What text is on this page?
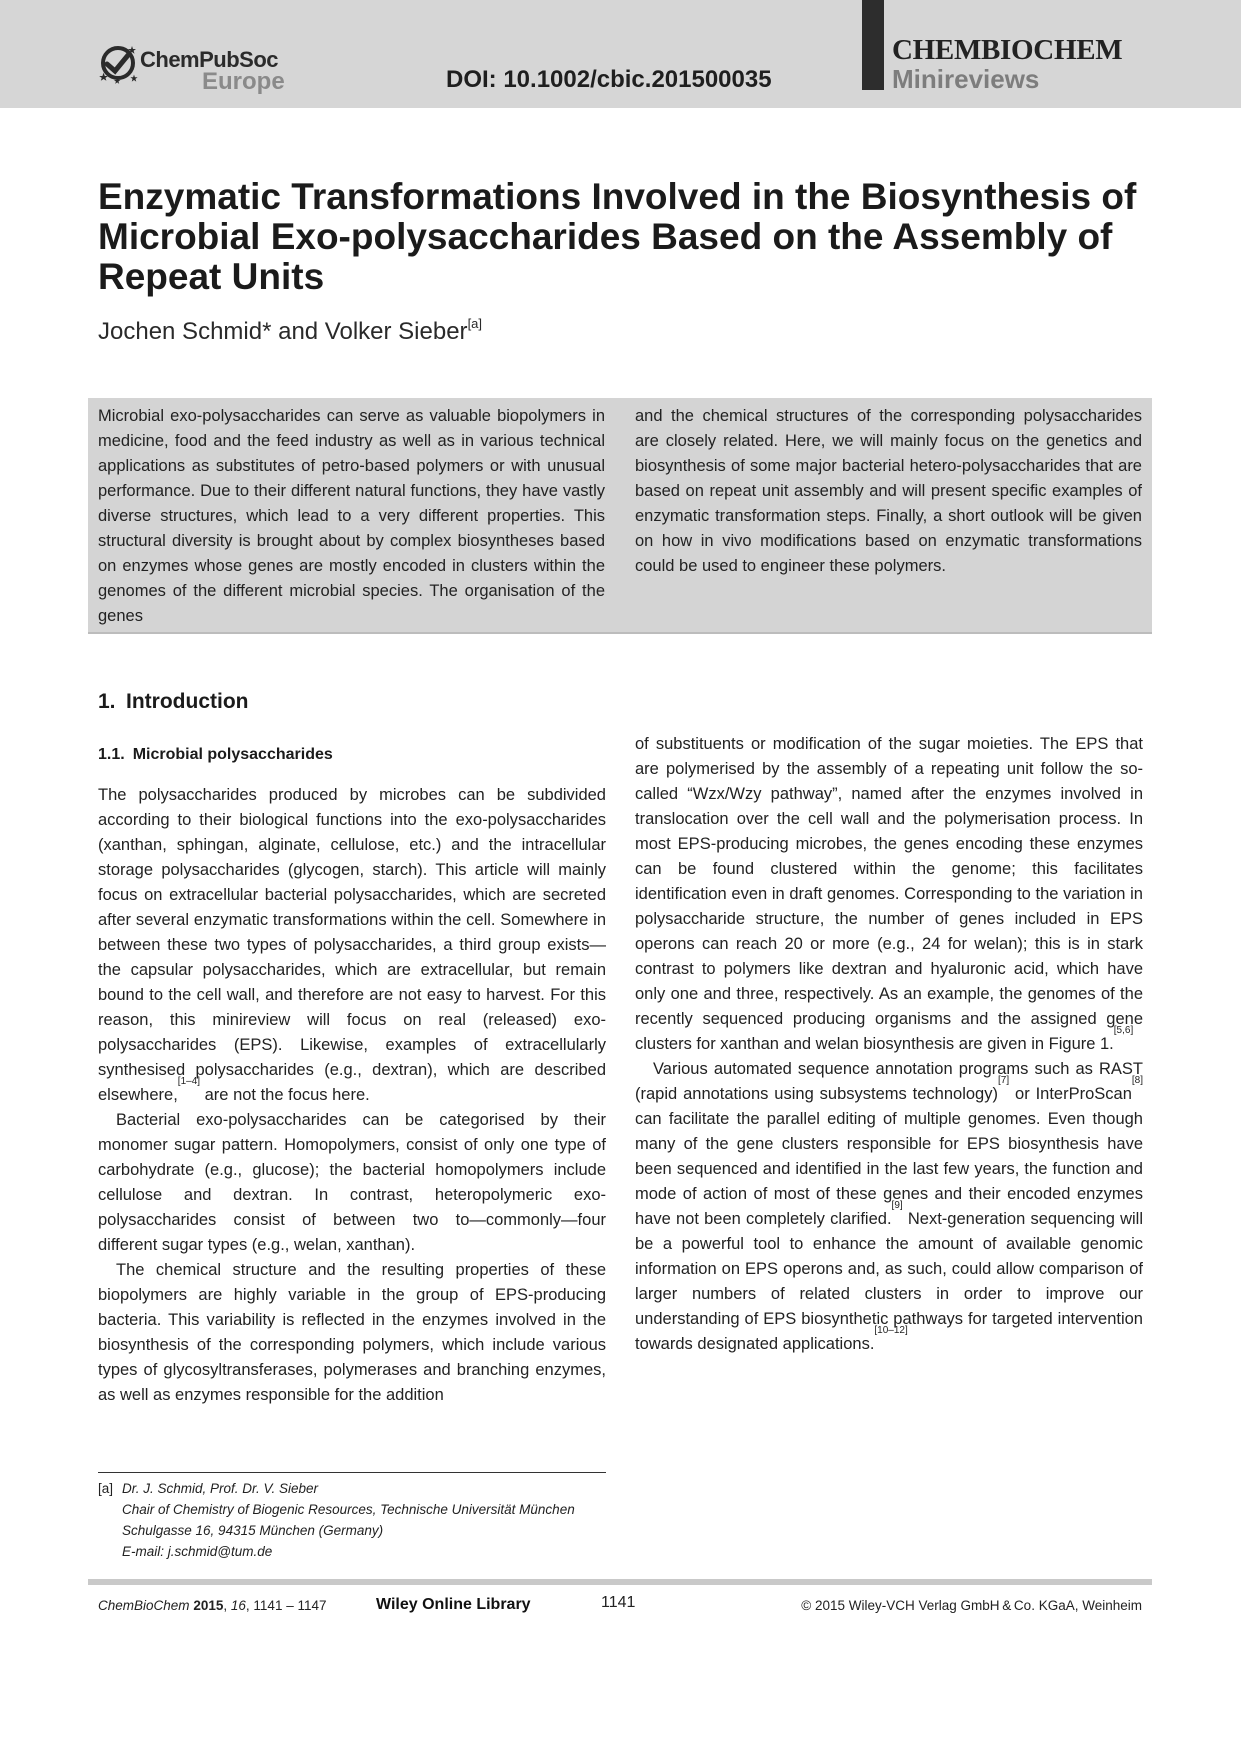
ChemPubSoc
Europe	DOI: 10.1002/cbic.201500035
CHEMBIOCHEM
Minireviews
Enzymatic Transformations Involved in the Biosynthesis of Microbial Exo-polysaccharides Based on the Assembly of Repeat Units
Jochen Schmid* and Volker Sieber[a]

Microbial exo-polysaccharides can serve as valuable biopolymers in medicine, food and the feed industry as well as in various technical applications as substitutes of petro-based polymers or with unusual performance. Due to their different natural functions, they have vastly diverse structures, which lead to a very different properties. This structural diversity is brought about by complex biosyntheses based on enzymes whose genes are mostly encoded in clusters within the genomes of the different microbial species. The organisation of the genes

and the chemical structures of the corresponding polysaccharides are closely related. Here, we will mainly focus on the genetics and biosynthesis of some major bacterial hetero-polysaccharides that are based on repeat unit assembly and will present specific examples of enzymatic transformation steps. Finally, a short outlook will be given on how in vivo modifications based on enzymatic transformations could be used to engineer these polymers.

1. Introduction
1.1. Microbial polysaccharides

The polysaccharides produced by microbes can be subdivided according to their biological functions into the exo-polysaccharides (xanthan, sphingan, alginate, cellulose, etc.) and the intracellular storage polysaccharides (glycogen, starch). This article will mainly focus on extracellular bacterial polysaccharides, which are secreted after several enzymatic transformations within the cell. Somewhere in between these two types of polysaccharides, a third group exists—the capsular polysaccharides, which are extracellular, but remain bound to the cell wall, and therefore are not easy to harvest. For this reason, this minireview will focus on real (released) exo-polysaccharides (EPS). Likewise, examples of extracellularly synthesised polysaccharides (e.g., dextran), which are described elsewhere,[1–4] are not the focus here.

Bacterial exo-polysaccharides can be categorised by their monomer sugar pattern. Homopolymers, consist of only one type of carbohydrate (e.g., glucose); the bacterial homopolymers include cellulose and dextran. In contrast, heteropolymeric exo-polysaccharides consist of between two to—commonly—four different sugar types (e.g., welan, xanthan).

The chemical structure and the resulting properties of these biopolymers are highly variable in the group of EPS-producing bacteria. This variability is reflected in the enzymes involved in the biosynthesis of the corresponding polymers, which include various types of glycosyltransferases, polymerases and branching enzymes, as well as enzymes responsible for the addition

of substituents or modification of the sugar moieties. The EPS that are polymerised by the assembly of a repeating unit follow the so-called “Wzx/Wzy pathway”, named after the enzymes involved in translocation over the cell wall and the polymerisation process. In most EPS-producing microbes, the genes encoding these enzymes can be found clustered within the genome; this facilitates identification even in draft genomes. Corresponding to the variation in polysaccharide structure, the number of genes included in EPS operons can reach 20 or more (e.g., 24 for welan); this is in stark contrast to polymers like dextran and hyaluronic acid, which have only one and three, respectively. As an example, the genomes of the recently sequenced producing organisms and the assigned gene clusters for xanthan and welan biosynthesis are given in Figure 1.[5,6]

Various automated sequence annotation programs such as RAST (rapid annotations using subsystems technology)[7] or InterProScan[8] can facilitate the parallel editing of multiple genomes. Even though many of the gene clusters responsible for EPS biosynthesis have been sequenced and identified in the last few years, the function and mode of action of most of these genes and their encoded enzymes have not been completely clarified.[9] Next-generation sequencing will be a powerful tool to enhance the amount of available genomic information on EPS operons and, as such, could allow comparison of larger numbers of related clusters in order to improve our understanding of EPS biosynthetic pathways for targeted intervention towards designated applications.[10–12]

[a] Dr. J. Schmid, Prof. Dr. V. Sieber
Chair of Chemistry of Biogenic Resources, Technische Universität München
Schulgasse 16, 94315 München (Germany)
E-mail: j.schmid@tum.de
ChemBioChem 2015, 16, 1141 – 1147	Wiley Online Library	1141	© 2015 Wiley-VCH Verlag GmbH & Co. KGaA, Weinheim
